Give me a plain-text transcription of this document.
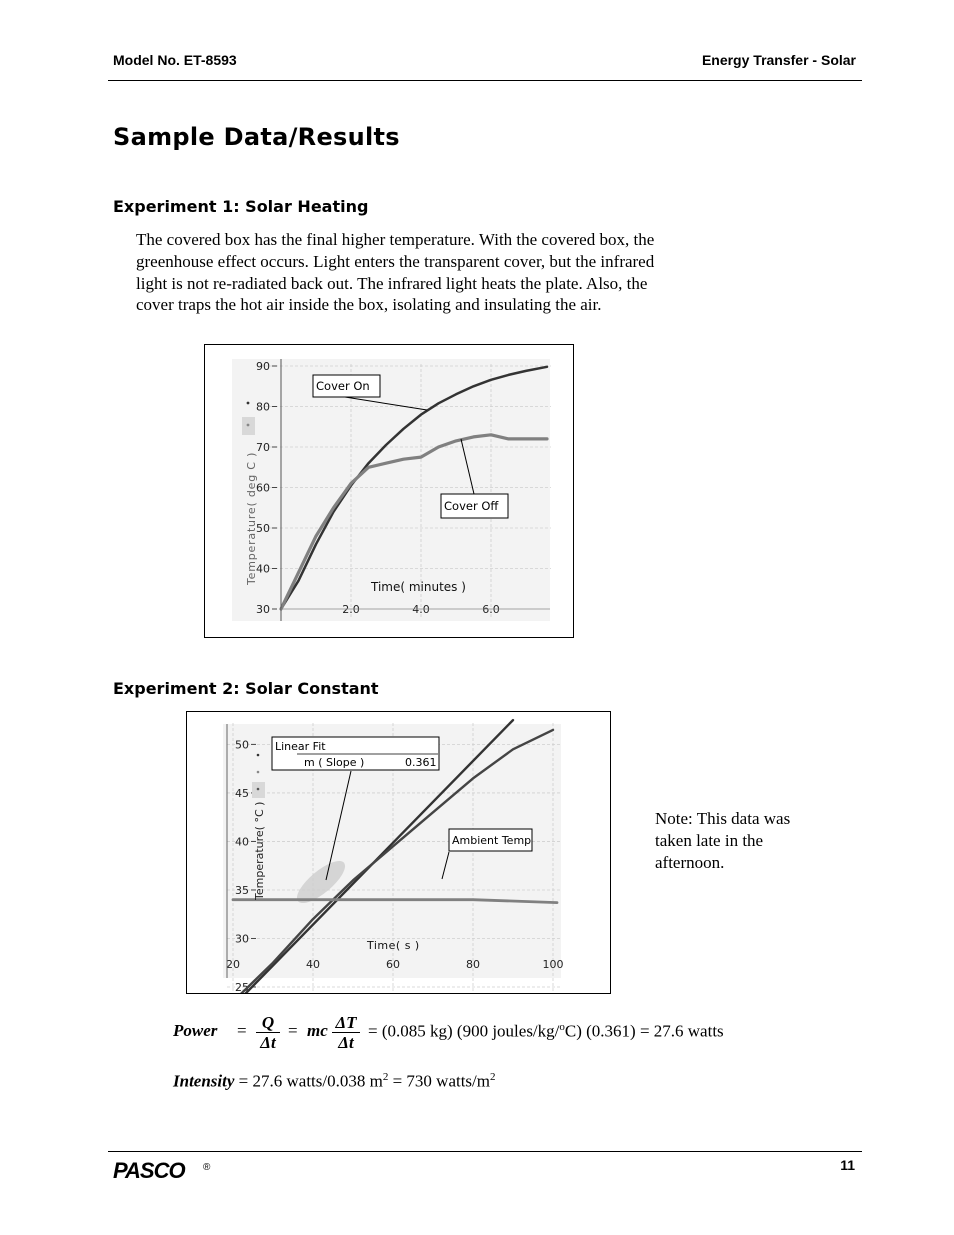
Model No. ET-8593	Energy Transfer - Solar
Sample Data/Results
Experiment 1: Solar Heating
The covered box has the final higher temperature. With the covered box, the greenhouse effect occurs. Light enters the transparent cover, but the infrared light is not re-radiated back out. The infrared light heats the plate. Also, the cover traps the hot air inside the box, isolating and insulating the air.
2.0	4.0	6.0
30
40
50
60
70
80
90
Temperature( deg C )
Time( minutes )
Cover On
Cover Off
Experiment 2: Solar Constant
20	40	60	80	100
25
30
35
40
45
50
Temperature( °C )
Time( s )
Linear Fit
m ( Slope )	0.361
Ambient Temp
Note: This data was taken late in the afternoon.
Power = $\frac{Q}{\Delta t}$ = mc $\frac{\Delta T}{\Delta t} = (0.085$ kg) (900 joules/kg/$^o$C) (0.361) = 27.6 watts
Intensity = 27.6 watts/0.038 $m^2 = 730$ watts/$m^2$
PASCO ®	11
